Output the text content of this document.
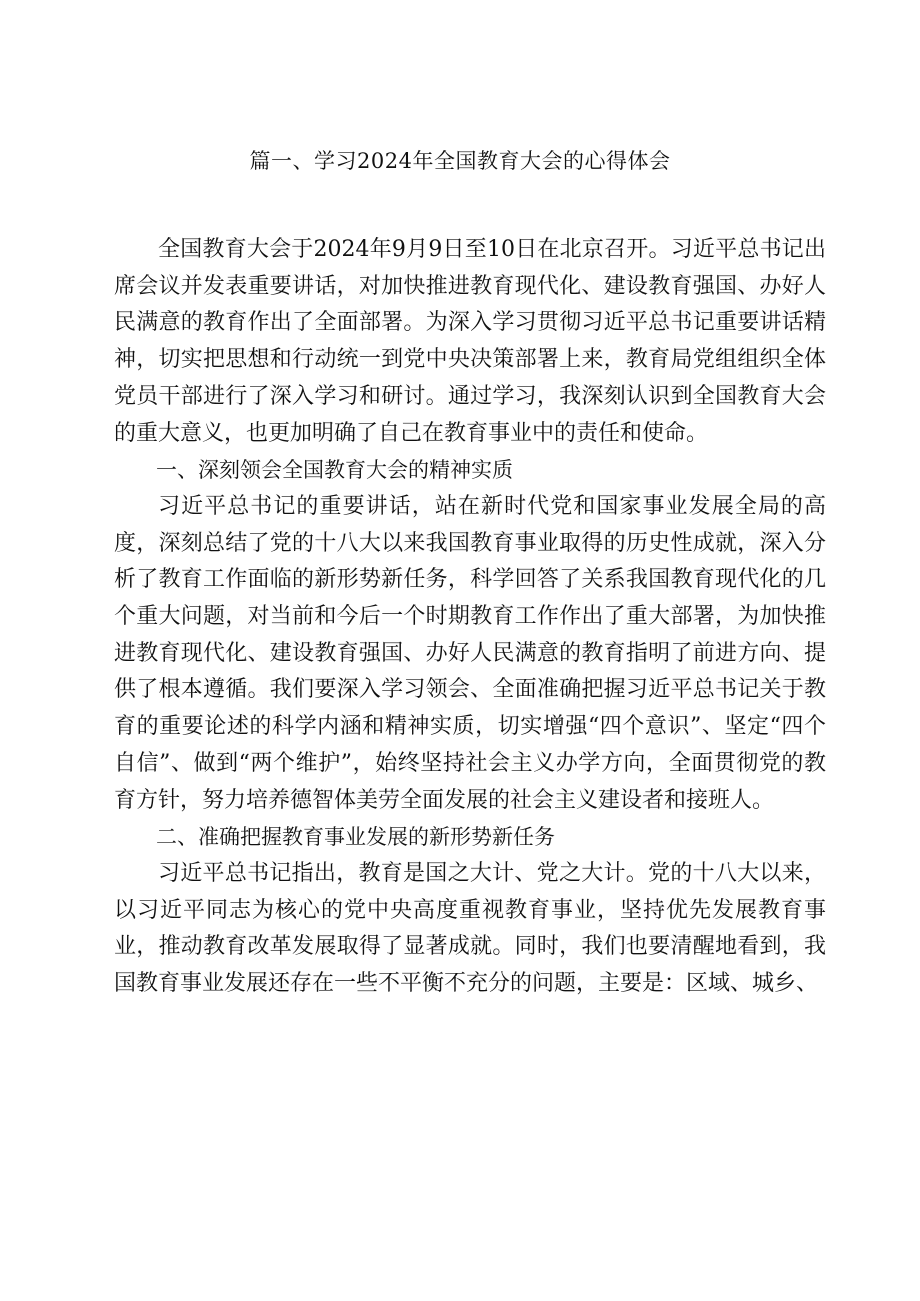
篇一、学习2024年全国教育大会的心得体会

全国教育大会于2024年9月9日至10日在北京召开。习近平总书记出席会议并发表重要讲话，对加快推进教育现代化、建设教育强国、办好人民满意的教育作出了全面部署。为深入学习贯彻习近平总书记重要讲话精神，切实把思想和行动统一到党中央决策部署上来，教育局党组组织全体党员干部进行了深入学习和研讨。通过学习，我深刻认识到全国教育大会的重大意义，也更加明确了自己在教育事业中的责任和使命。

一、深刻领会全国教育大会的精神实质

习近平总书记的重要讲话，站在新时代党和国家事业发展全局的高度，深刻总结了党的十八大以来我国教育事业取得的历史性成就，深入分析了教育工作面临的新形势新任务，科学回答了关系我国教育现代化的几个重大问题，对当前和今后一个时期教育工作作出了重大部署，为加快推进教育现代化、建设教育强国、办好人民满意的教育指明了前进方向、提供了根本遵循。我们要深入学习领会、全面准确把握习近平总书记关于教育的重要论述的科学内涵和精神实质，切实增强“四个意识”、坚定“四个自信”、做到“两个维护”，始终坚持社会主义办学方向，全面贯彻党的教育方针，努力培养德智体美劳全面发展的社会主义建设者和接班人。

二、准确把握教育事业发展的新形势新任务

习近平总书记指出，教育是国之大计、党之大计。党的十八大以来，以习近平同志为核心的党中央高度重视教育事业，坚持优先发展教育事业，推动教育改革发展取得了显著成就。同时，我们也要清醒地看到，我国教育事业发展还存在一些不平衡不充分的问题，主要是：区域、城乡、
